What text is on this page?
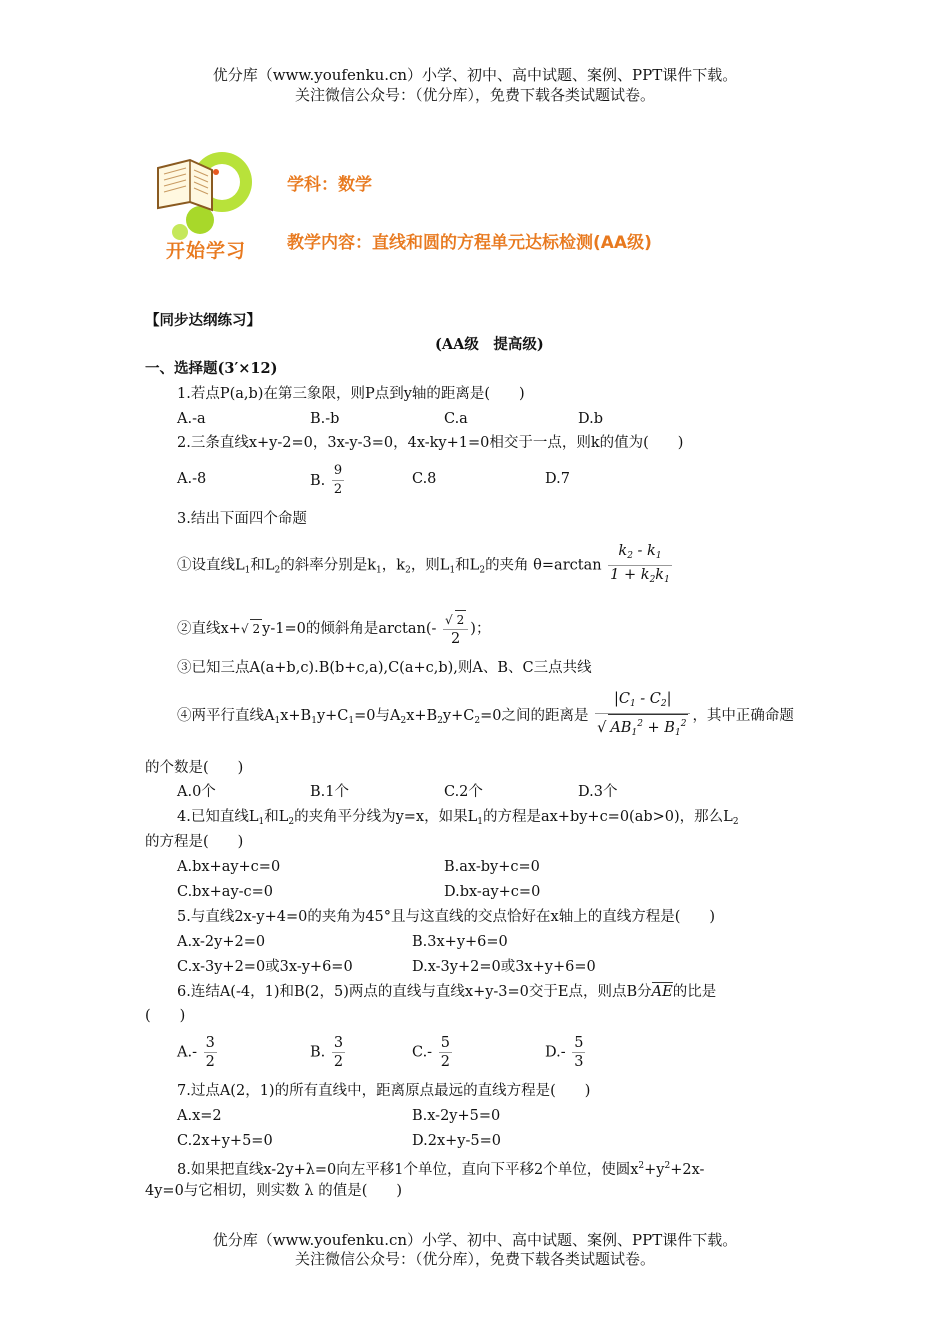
优分库（www.youfenku.cn）小学、初中、高中试题、案例、PPT课件下载。
关注微信公众号：（优分库），免费下载各类试题试卷。
开始学习
学科：数学
教学内容：直线和圆的方程单元达标检测(AA级)
【同步达纲练习】
(AA级　提高级)
一、选择题(3′×12)
1.若点P(a,b)在第三象限，则P点到y轴的距离是(　　)
A.-a	B.-b	C.a	D.b
2.三条直线x+y-2=0，3x-y-3=0，4x-ky+1=0相交于一点，则k的值为(　　)
A.-8	B. $\frac{9}{2}$	C.8	D.7
3.结出下面四个命题
①设直线$L_1$和$L_2$的斜率分别是$k_1$，$k_2$，则$L_1$和$L_2$的夹角 $\theta=\arctan \frac{k_2 - k_1}{1 + k_2k_1}$
②直线x+√ 2 y-1=0的倾斜角是$\arctan(- \frac{√ 2}{2}$ )；
③已知三点A(a+b,c).B(b+c,a),C(a+c,b),则A、B、C三点共线
④两平行直线$A_1x+B_1y+C_1=0$与$A_2x+B_2y+C_2=0$之间的距离是 $\frac{|C_1 - C_2|}{√ AB_1^2 + B_1^2}$ ，其中正确命题
的个数是(　　)
A.0个	B.1个	C.2个	D.3个
4.已知直线$L_1$和$L_2$的夹角平分线为y=x，如果$L_1$的方程是ax+by+c=0(ab>0)，那么$L_2$
的方程是(　　)
A.bx+ay+c=0	B.ax-by+c=0
C.bx+ay-c=0	D.bx-ay+c=0
5.与直线2x-y+4=0的夹角为45°且与这直线的交点恰好在x轴上的直线方程是(　　)
A.x-2y+2=0	B.3x+y+6=0
C.x-3y+2=0或3x-y+6=0	D.x-3y+2=0或3x+y+6=0
6.连结A(-4，1)和B(2，5)两点的直线与直线x+y-3=0交于E点，则点B分AE的比是
(　　)
$A.- \frac{3}{2}$	B. $\frac{3}{2}$	$C.- \frac{5}{2}$	$D.- \frac{5}{3}$
7.过点A(2，1)的所有直线中，距离原点最远的直线方程是(　　)
A.x=2	B.x-2y+5=0
C.2x+y+5=0	D.2x+y-5=0
8.如果把直线x-2y+λ=0向左平移1个单位，直向下平移2个单位，使圆$x^2+y^2+2x-$
4y=0与它相切，则实数 λ 的值是(　　)
优分库（www.youfenku.cn）小学、初中、高中试题、案例、PPT课件下载。
关注微信公众号：（优分库），免费下载各类试题试卷。
